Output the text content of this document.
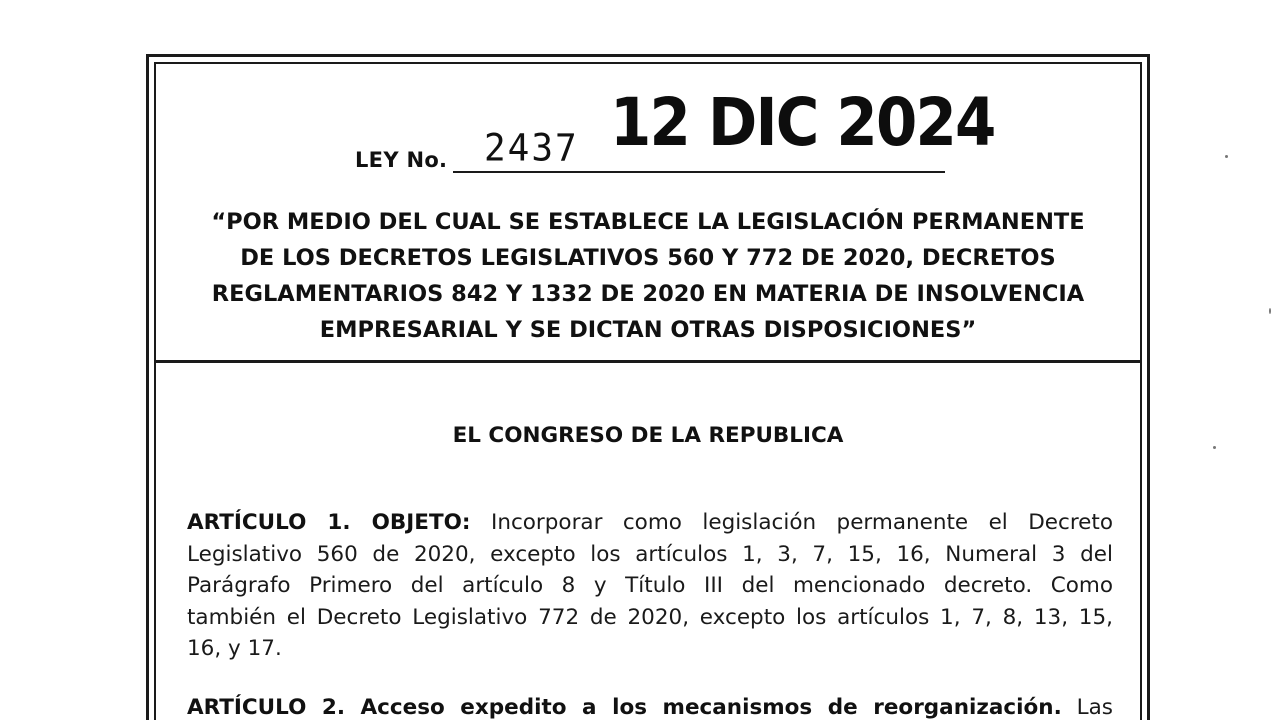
LEY No. 2437 12 DIC 2024
“POR MEDIO DEL CUAL SE ESTABLECE LA LEGISLACIÓN PERMANENTE
DE LOS DECRETOS LEGISLATIVOS 560 Y 772 DE 2020, DECRETOS
REGLAMENTARIOS 842 Y 1332 DE 2020 EN MATERIA DE INSOLVENCIA
EMPRESARIAL Y SE DICTAN OTRAS DISPOSICIONES”
EL CONGRESO DE LA REPUBLICA
ARTÍCULO 1. OBJETO: Incorporar como legislación permanente el Decreto
Legislativo 560 de 2020, excepto los artículos 1, 3, 7, 15, 16, Numeral 3 del
Parágrafo Primero del artículo 8 y Título III del mencionado decreto. Como
también el Decreto Legislativo 772 de 2020, excepto los artículos 1, 7, 8, 13, 15,
16, y 17.
ARTÍCULO 2. Acceso expedito a los mecanismos de reorganización. Las
